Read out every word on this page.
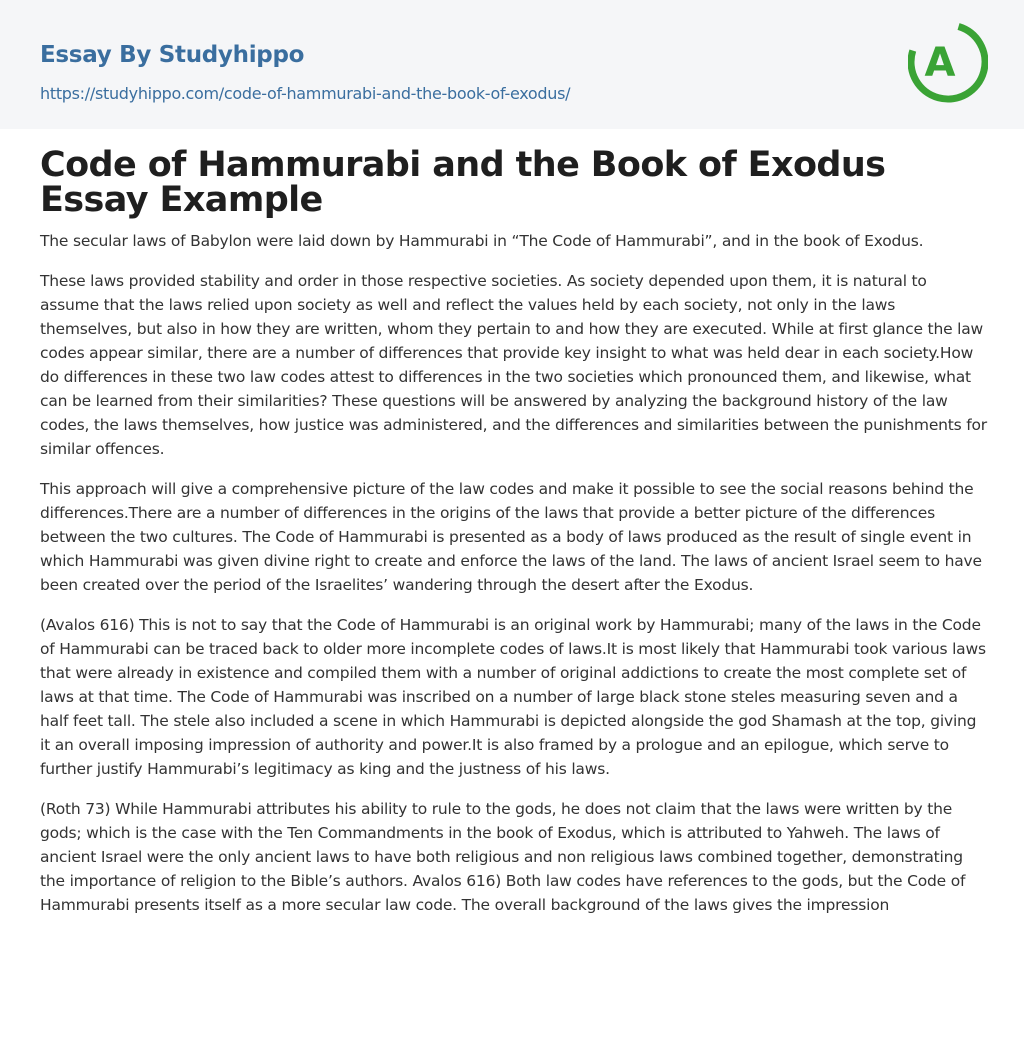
Essay By Studyhippo
https://studyhippo.com/code-of-hammurabi-and-the-book-of-exodus/
A
Code of Hammurabi and the Book of Exodus Essay Example

The secular laws of Babylon were laid down by Hammurabi in “The Code of Hammurabi”, and in the book of Exodus.

These laws provided stability and order in those respective societies. As society depended upon them, it is natural to assume that the laws relied upon society as well and reflect the values held by each society, not only in the laws themselves, but also in how they are written, whom they pertain to and how they are executed. While at first glance the law codes appear similar, there are a number of differences that provide key insight to what was held dear in each society.How do differences in these two law codes attest to differences in the two societies which pronounced them, and likewise, what can be learned from their similarities? These questions will be answered by analyzing the background history of the law codes, the laws themselves, how justice was administered, and the differences and similarities between the punishments for similar offences.

This approach will give a comprehensive picture of the law codes and make it possible to see the social reasons behind the differences.There are a number of differences in the origins of the laws that provide a better picture of the differences between the two cultures. The Code of Hammurabi is presented as a body of laws produced as the result of single event in which Hammurabi was given divine right to create and enforce the laws of the land. The laws of ancient Israel seem to have been created over the period of the Israelites’ wandering through the desert after the Exodus.

(Avalos 616) This is not to say that the Code of Hammurabi is an original work by Hammurabi; many of the laws in the Code of Hammurabi can be traced back to older more incomplete codes of laws.It is most likely that Hammurabi took various laws that were already in existence and compiled them with a number of original addictions to create the most complete set of laws at that time. The Code of Hammurabi was inscribed on a number of large black stone steles measuring seven and a half feet tall. The stele also included a scene in which Hammurabi is depicted alongside the god Shamash at the top, giving it an overall imposing impression of authority and power.It is also framed by a prologue and an epilogue, which serve to further justify Hammurabi’s legitimacy as king and the justness of his laws.

(Roth 73) While Hammurabi attributes his ability to rule to the gods, he does not claim that the laws were written by the gods; which is the case with the Ten Commandments in the book of Exodus, which is attributed to Yahweh. The laws of ancient Israel were the only ancient laws to have both religious and non religious laws combined together, demonstrating the importance of religion to the Bible’s authors. Avalos 616) Both law codes have references to the gods, but the Code of Hammurabi presents itself as a more secular law code. The overall background of the laws gives the impression
